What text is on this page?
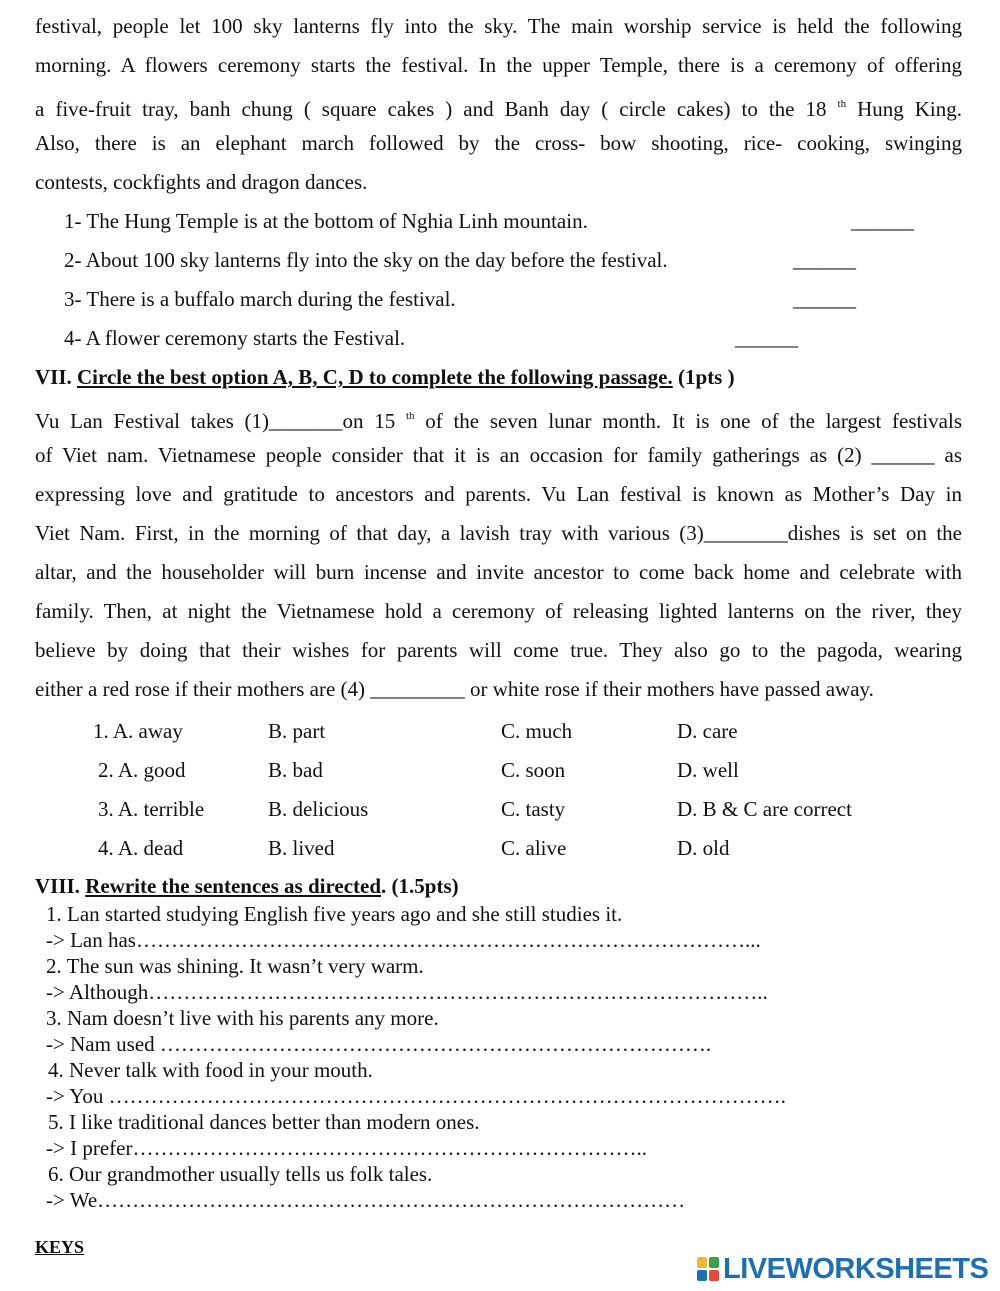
festival, people let 100 sky lanterns fly into the sky. The main worship service is held the following

morning. A flowers ceremony starts the festival. In the upper Temple, there is a ceremony of offering

a five-fruit tray, banh chung ( square cakes ) and Banh day ( circle cakes) to the 18 $^{th}$ Hung King.

Also, there is an elephant march followed by the cross- bow shooting, rice- cooking, swinging

contests, cockfights and dragon dances.

1- The Hung Temple is at the bottom of Nghia Linh mountain.	______
2- About 100 sky lanterns fly into the sky on the day before the festival.	______
3- There is a buffalo march during the festival.	______
4- A flower ceremony starts the Festival.	______
VII. Circle the best option A, B, C, D to complete the following passage. (1pts )

Vu Lan Festival takes (1)_______on 15 $^{th}$ of the seven lunar month. It is one of the largest festivals

of Viet nam. Vietnamese people consider that it is an occasion for family gatherings as (2) ______ as

expressing love and gratitude to ancestors and parents. Vu Lan festival is known as Mother’s Day in

Viet Nam. First, in the morning of that day, a lavish tray with various (3)________dishes is set on the

altar, and the householder will burn incense and invite ancestor to come back home and celebrate with

family. Then, at night the Vietnamese hold a ceremony of releasing lighted lanterns on the river, they

believe by doing that their wishes for parents will come true. They also go to the pagoda, wearing

either a red rose if their mothers are (4) _________ or white rose if their mothers have passed away.

1. A. away	B. part	C. much	D. care
2. A. good	B. bad	C. soon	D. well
3. A. terrible	B. delicious	C. tasty	D. B & C are correct
4. A. dead	B. lived	C. alive	D. old
VIII. Rewrite the sentences as directed. (1.5pts)
1. Lan started studying English five years ago and she still studies it.
-> Lan has……………………………………………………………………………...
2. The sun was shining. It wasn’t very warm.
-> Although……………………………………………………………………………..
3. Nam doesn’t live with his parents any more.
-> Nam used …………………………………………………………………….
4. Never talk with food in your mouth.
-> You …………………………………………………………………………………….
5. I like traditional dances better than modern ones.
-> I prefer………………………………………………………………..
6. Our grandmother usually tells us folk tales.
-> We…………………………………………………………………………
KEYS
LIVEWORKSHEETS
